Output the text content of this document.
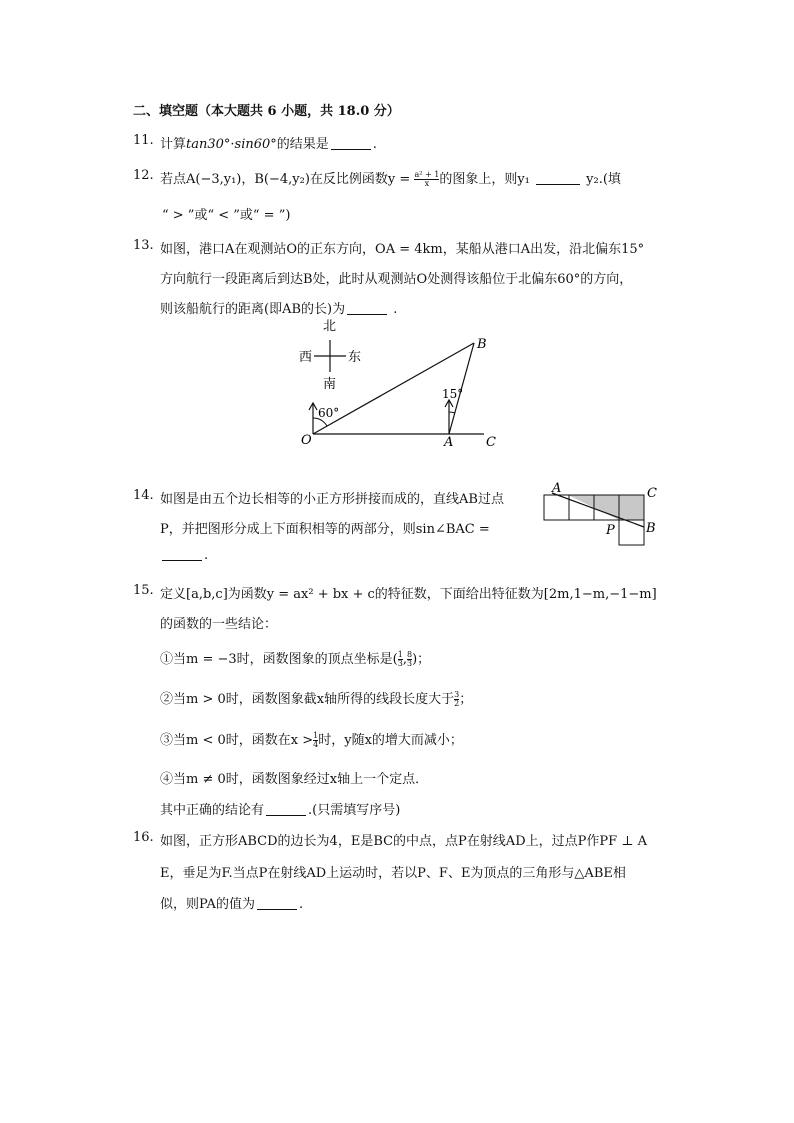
二、填空题（本大题共 6 小题，共 18.0 分）
11. 计算tan30°·sin60°的结果是	.
12. 若点A(−3,y₁)，B(−4,y₂)在反比例函数$y = \frac{\text{a² + 1}}{x}$ 的图象上，则y₁	y₂.(填
“ > ”或“ < ”或“ = ”)
13. 如图，港口A在观测站O的正东方向，OA = 4km，某船从港口A出发，沿北偏东15°
方向航行一段距离后到达B处，此时从观测站O处测得该船位于北偏东60°的方向，
则该船航行的距离(即AB的长)为	.
北
南
西	东
60°
15°
O	A
B
C
14. 如图是由五个边长相等的小正方形拼接而成的，直线AB过点
P，并把图形分成上下面积相等的两部分，则sin∠BAC =
.
A	C
B
P
15. 定义[a,b,c]为函数y = ax² + bx + c的特征数，下面给出特征数为[2m,1−m,−1−m]
的函数的一些结论：
①当m = −3时，函数图象的顶点坐标是( $\frac{1}{3}$ , $\frac{8}{3}$ )；
②当m > 0时，函数图象截x轴所得的线段长度大于 $\frac{3}{2}$ ；
③当m < 0时，函数在$x > \frac{1}{4}$ 时，y随x的增大而减小；
④当m ≠ 0时，函数图象经过x轴上一个定点．
其中正确的结论有	.(只需填写序号)
16. 如图，正方形ABCD的边长为4，E是BC的中点，点P在射线AD上，过点P作PF ⊥ A
E，垂足为F.当点P在射线AD上运动时，若以P、F、E为顶点的三角形与△ABE相
似，则PA的值为	.
